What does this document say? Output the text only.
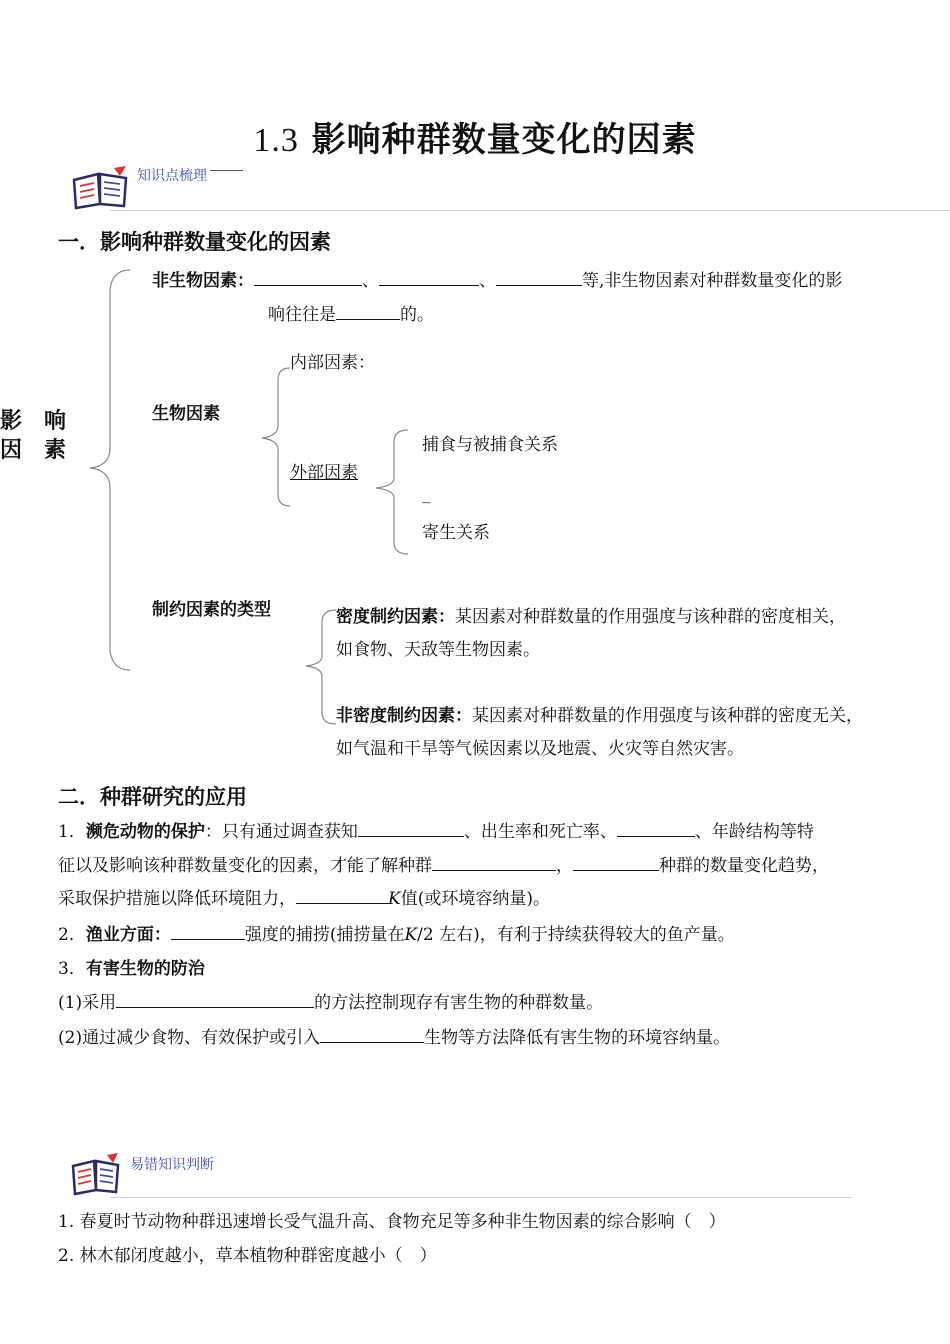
1.3 影响种群数量变化的因素
知识点梳理
一．影响种群数量变化的因素
影　响
因　素
非生物因素：	、	、	等,非生物因素对种群数量变化的影
响往往是	的。
生物因素
内部因素：
外部因素
捕食与被捕食关系
_
寄生关系
制约因素的类型	密度制约因素：某因素对种群数量的作用强度与该种群的密度相关，
如食物、天敌等生物因素。
非密度制约因素：某因素对种群数量的作用强度与该种群的密度无关，
如气温和干旱等气候因素以及地震、火灾等自然灾害。
二．种群研究的应用
1．濒危动物的保护：只有通过调查获知	、出生率和死亡率、	、年龄结构等特
征以及影响该种群数量变化的因素，才能了解种群	，	种群的数量变化趋势，
采取保护措施以降低环境阻力，	K值(或环境容纳量)。
2．渔业方面：	强度的捕捞(捕捞量在K/2 左右)，有利于持续获得较大的鱼产量。
3．有害生物的防治
(1)采用	的方法控制现存有害生物的种群数量。
(2)通过减少食物、有效保护或引入	生物等方法降低有害生物的环境容纳量。
易错知识判断
1. 春夏时节动物种群迅速增长受气温升高、食物充足等多种非生物因素的综合影响（　）
2. 林木郁闭度越小，草本植物种群密度越小（　）
